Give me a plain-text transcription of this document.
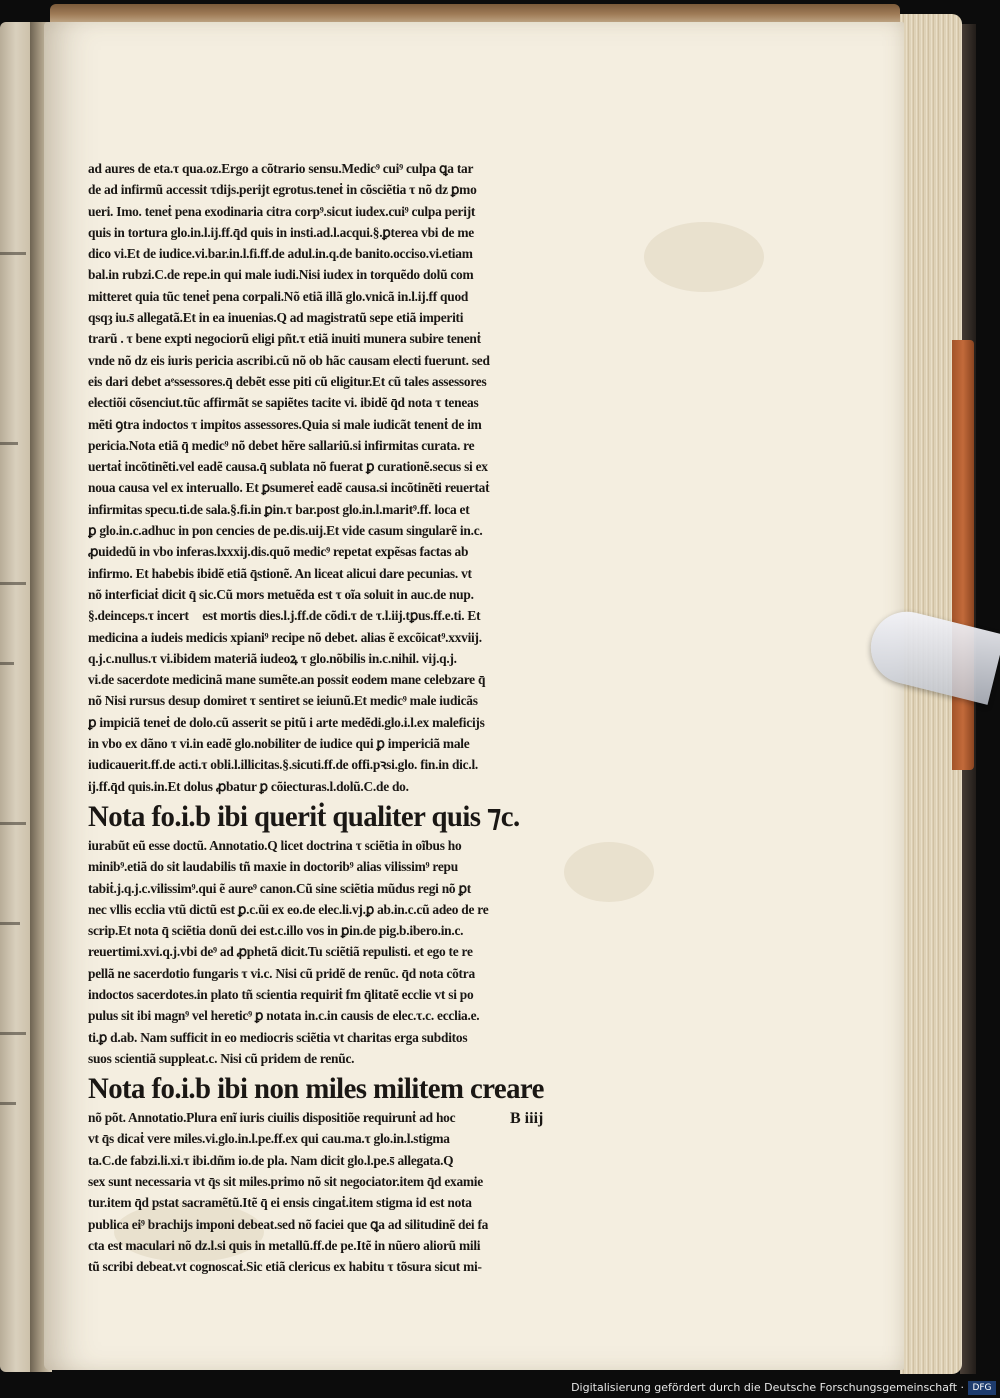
ad aures de eta.τ qua.oz.Ergo a cõtrario sensu.Medic⁹ cui⁹ culpa ꝗa tar
de ad infirmũ accessit τdijs.perijt egrotus.teneṫ in cõsciẽtia τ nõ dz ꝑmo
ueri. Imo. teneṫ pena exodinaria citra corp⁹.sicut iudex.cui⁹ culpa perijt
quis in tortura glo.in.l.ij.ff.q̄d quis in insti.ad.l.acqui.§.ꝑterea vbi de me
dico vi.Et de iudice.vi.bar.in.l.fi.ff.de adul.in.q.de banito.occiso.vi.etiam
bal.in rubzi.C.de repe.in qui male iudi.Nisi iudex in torquẽdo dolũ com
mitteret quia tũc teneṫ pena corpali.Nõ etiã illã glo.vnicã in.l.ij.ff quod
qsqȝ iu.s̄ allegatã.Et in ea inuenias.Q ad magistratũ sepe etiã imperiti
trarũ . τ bene expti negociorũ eligi pñt.τ etiã inuiti munera subire tenenṫ
vnde nõ dz eis iuris pericia ascribi.cũ nõ ob hãc causam electi fuerunt. sed
eis dari debet aͤssessores.q̄ debẽt esse piti cũ eligitur.Et cũ tales assessores
electiõi cõsenciut.tũc affirmãt se sapiẽtes tacite vi. ibidẽ q̄d nota τ teneas
mẽti ꝯtra indoctos τ impitos assessores.Quia si male iudicãt tenenṫ de im
pericia.Nota etiã q̄ medic⁹ nõ debet hẽre sallariũ.si infirmitas curata. re
uertaṫ incõtinẽti.vel eadẽ causa.q̄ sublata nõ fuerat ꝑ curationẽ.secus si ex
noua causa vel ex interuallo. Et ꝑsumereṫ eadẽ causa.si incõtinẽti reuertaṫ
infirmitas specu.ti.de sala.§.fi.in ꝑin.τ bar.post glo.in.l.marit⁹.ff. loca et
ꝑ glo.in.c.adhuc in pon cencies de pe.dis.uij.Et vide casum singularẽ in.c.
ꝓuidedũ in vbo inferas.lxxxij.dis.quõ medic⁹ repetat expẽsas factas ab
infirmo. Et habebis ibidẽ etiã q̄stionẽ. An liceat alicui dare pecunias. vt
nõ interficiaṫ dicit q̄ sic.Cũ mors metuẽda est τ oĩa soluit in auc.de nup.
§.deinceps.τ incertᷤ est mortis dies.l.j.ff.de cõdi.τ de τ.l.iij.tꝑus.ff.e.ti. Et
medicina a iudeis medicis xpiani⁹ recipe nõ debet. alias ẽ excõicat⁹.xxviij.
q.j.c.nullus.τ vi.ibidem materiã iudeoꝝ τ glo.nõbilis in.c.nihil. vij.q.j.
vi.de sacerdote medicinã mane sumẽte.an possit eodem mane celebzare q̄
nõ Nisi rursus desup domiret τ sentiret se ieiunũ.Et medic⁹ male iudicãs
ꝑ impiciã teneṫ de dolo.cũ asserit se pitũ i arte medẽdi.glo.i.l.ex maleficijs
in vbo ex dãno τ vi.in eadẽ glo.nobiliter de iudice qui ꝑ impericiã male
iudicauerit.ff.de acti.τ obli.l.illicitas.§.sicuti.ff.de offi.pꝛsi.glo. fin.in dic.l.
ij.ff.q̄d quis.in.Et dolus ꝓbatur ꝑ cõiecturas.l.dolũ.C.de do.
Nota fo.i.b ibi queriṫ qualiter quis ⁊c.
iurabũt eũ esse doctũ. Annotatio.Q licet doctrina τ sciẽtia in oĩbus ho
minib⁹.etiã do sit laudabilis tñ maxie in doctorib⁹ alias vilissim⁹ repu
tabiṫ.j.q.j.c.vilissim⁹.qui ẽ aure⁹ canon.Cũ sine sciẽtia mũdus regi nõ ꝑt
nec vllis ecclia vtũ dictũ est ꝑ.c.ũi ex eo.de elec.li.vj.ꝑ ab.in.c.cũ adeo de re
scrip.Et nota q̄ sciẽtia donũ dei est.c.illo vos in ꝑin.de pig.b.ibero.in.c.
reuertimi.xvi.q.j.vbi de⁹ ad ꝓphetã dicit.Tu sciẽtiã repulisti. et ego te re
pellã ne sacerdotio fungaris τ vi.c. Nisi cũ pridẽ de renũc. q̄d nota cõtra
indoctos sacerdotes.in plato tñ scientia requiriṫ fm q̄litatẽ ecclie vt si po
pulus sit ibi magn⁹ vel heretic⁹ ꝑ notata in.c.in causis de elec.τ.c. ecclia.e.
ti.ꝑ d.ab. Nam sufficit in eo mediocris sciẽtia vt charitas erga subditos
suos scientiã suppleat.c. Nisi cũ pridem de renũc.
Nota fo.i.b ibi non miles militem creare
nõ põt. Annotatio.Plura enĩ iuris ciuilis dispositiõe requirunṫ ad hoc
vt q̄s dicaṫ vere miles.vi.glo.in.l.pe.ff.ex qui cau.ma.τ glo.in.l.stigma
ta.C.de fabzi.li.xi.τ ibi.dñm io.de pla. Nam dicit glo.l.pe.s̄ allegata.Q
sex sunt necessaria vt q̄s sit miles.primo nõ sit negociator.item q̄d examie
tur.item q̄d pstat sacramẽtũ.Itẽ q̄ ei ensis cingaṫ.item stigma id est nota
publica ei⁹ brachijs imponi debeat.sed nõ faciei que ꝗa ad silitudinẽ dei fa
cta est maculari nõ dz.l.si quis in metallũ.ff.de pe.Itẽ in nũero aliorũ mili
tũ scribi debeat.vt cognoscaṫ.Sic etiã clericus ex habitu τ tõsura sicut mi-
B iiij
Digitalisierung gefördert durch die Deutsche Forschungsgemeinschaft · DFG
